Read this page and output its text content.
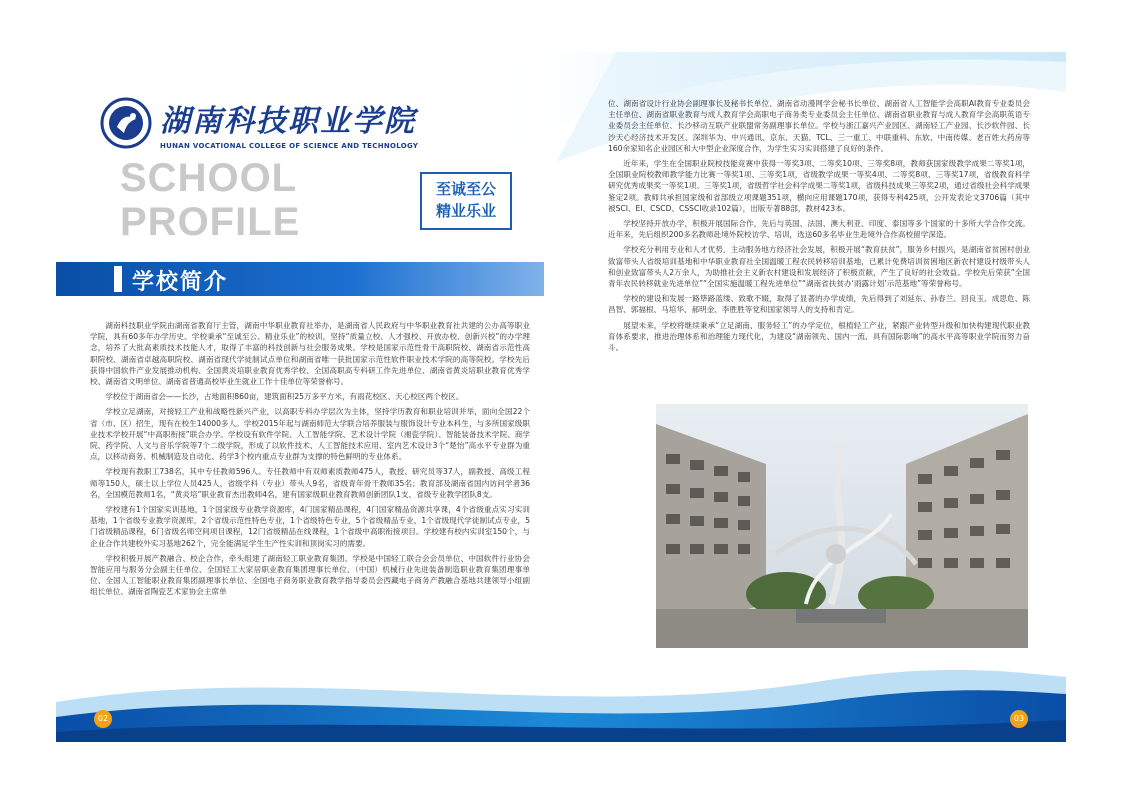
湖南科技职业学院
HUNAN VOCATIONAL COLLEGE OF SCIENCE AND TECHNOLOGY
SCHOOL
PROFILE
至诚至公
精业乐业
学校简介

湖南科技职业学院由湖南省教育厅主管，湖南中华职业教育社举办，是湖南省人民政府与中华职业教育社共建的公办高等职业学院，具有60多年办学历史。学校秉承“至诚至公、精业乐业”的校训，坚持“质量立校、人才强校、开放办校、创新兴校”的办学理念，培养了大批高素质技术技能人才，取得了丰富的科技创新与社会服务成果。学校是国家示范性骨干高职院校、湖南省示范性高职院校、湖南省卓越高职院校、湖南省现代学徒制试点单位和湖南省唯一获批国家示范性软件职业技术学院的高等院校。学校先后获得中国软件产业发展推动机构、全国黄炎培职业教育优秀学校、全国高职高专科研工作先进单位、湖南省黄炎培职业教育优秀学校、湖南省文明单位、湖南省普通高校毕业生就业工作十佳单位等荣誉称号。

学校位于湖南省会——长沙，占地面积860亩，建筑面积25万多平方米，有雨花校区、天心校区两个校区。

学校立足湖南，对接轻工产业和战略性新兴产业，以高职专科办学层次为主体，坚持学历教育和职业培训并举，面向全国22个省（市、区）招生，现有在校生14000多人。学校2015年起与湖南师范大学联合培养服装与服饰设计专业本科生，与多所国家级职业技术学校开展“中高职衔接”联合办学。学校设有软件学院、人工智能学院、艺术设计学院（湘瓷学院）、智能装备技术学院、商学院、药学院、人文与音乐学院等7个二级学院，形成了以软件技术、人工智能技术应用、室内艺术设计3个“楚怡”高水平专业群为重点，以移动商务、机械制造及自动化、药学3个校内重点专业群为支撑的特色鲜明的专业体系。

学校现有教职工738名，其中专任教师596人。专任教师中有双师素质教师475人，教授、研究员等37人，副教授、高级工程师等150人，硕士以上学位人员425人，省级学科（专业）带头人9名，省级青年骨干教师35名；教育部及湖南省国内访问学者36名，全国模范教师1名，“黄炎培”职业教育杰出教师4名，建有国家级职业教育教师创新团队1支、省级专业教学团队8支。

学校建有1个国家实训基地，1个国家级专业教学资源库，4门国家精品课程，4门国家精品资源共享课，4个省级重点实习实训基地，1个省级专业教学资源库，2个省级示范性特色专业，1个省级特色专业，5个省级精品专业，1个省级现代学徒制试点专业，5门省级精品课程，6门省级名师空间项目课程，12门省级精品在线课程，1个省级中高职衔接项目。学校建有校内实训室150个，与企业合作共建校外实习基地262个，完全能满足学生生产性实训和顶岗实习的需要。

学校积极开展产教融合、校企合作，牵头组建了湖南轻工职业教育集团。学校是中国轻工联合会会员单位、中国软件行业协会智能应用与服务分会副主任单位、全国轻工大家居职业教育集团理事长单位、（中国）机械行业先进装备制造职业教育集团理事单位、全国人工智能职业教育集团副理事长单位、全国电子商务职业教育教学指导委员会西藏电子商务产教融合基地共建领导小组副组长单位、湖南省陶瓷艺术家协会主席单

位、湖南省设计行业协会副理事长及秘书长单位、湖南省动漫网学会秘书长单位、湖南省人工智能学会高职AI教育专业委员会主任单位、湖南省职业教育与成人教育学会高职电子商务类专业委员会主任单位、湖南省职业教育与成人教育学会高职英语专业委员会主任单位、长沙移动互联产业联盟常务副理事长单位。学校与浙江嘉兴产业园区、湖南轻工产业园、长沙软件园、长沙天心经济技术开发区、深圳华为、中兴通讯、京东、天猫、TCL、三一重工、中联重科、东软、中南传媒、老百姓大药房等160余家知名企业园区和大中型企业深度合作，为学生实习实训搭建了良好的条件。

近年来，学生在全国职业院校技能竞赛中获得一等奖3项、二等奖10项、三等奖8项，教师获国家级教学成果二等奖1项，全国职业院校教师教学能力比赛一等奖1项、三等奖1项，省级教学成果一等奖4项、二等奖8项、三等奖17项，省级教育科学研究优秀成果奖一等奖1项、三等奖1项，省级哲学社会科学成果二等奖1项，省级科技成果三等奖2项，通过省级社会科学成果鉴定2项。教师共承担国家级和省部级立项课题351项，横向应用课题170项，获得专利425项，公开发表论文3706篇（其中被SCI、EI、CSCD、CSSCI收录102篇），出版专著88部，教材423本。

学校坚持开放办学，积极开展国际合作，先后与英国、法国、澳大利亚、印度、泰国等多个国家的十多所大学合作交流。近年来，先后组织200多名教师赴境外院校访学、培训，选送60多名毕业生赴境外合作高校留学深造。

学校充分利用专业和人才优势，主动服务地方经济社会发展，积极开展“教育扶贫”，服务乡村振兴，是湖南省贫困村创业致富带头人省级培训基地和中华职业教育社全国温暖工程农民转移培训基地，已累计免费培训贫困地区新农村建设村级带头人和创业致富带头人2万余人，为助推社会主义新农村建设和发展经济了积极贡献，产生了良好的社会效益。学校先后荣获“全国青年农民转移就业先进单位”“全国实施温暖工程先进单位”“湖南省扶贫办‘雨露计划’示范基地”等荣誉称号。

学校的建设和发展一路筚路蓝缕、致歌不辍，取得了显著的办学成绩，先后得到了刘延东、孙春兰、回良玉、成思危、陈昌智、郭福根、马培华、郝明金、李胜胜等党和国家领导人的支持和肯定。

展望未来，学校将继续秉承“立足湖南、服务轻工”的办学定位，根植轻工产业，紧跟产业转型升级和加快构建现代职业教育体系要求，推进治理体系和治理能力现代化，为建设“湖南领先、国内一流、具有国际影响”的高水平高等职业学院而努力奋斗。

02	03
